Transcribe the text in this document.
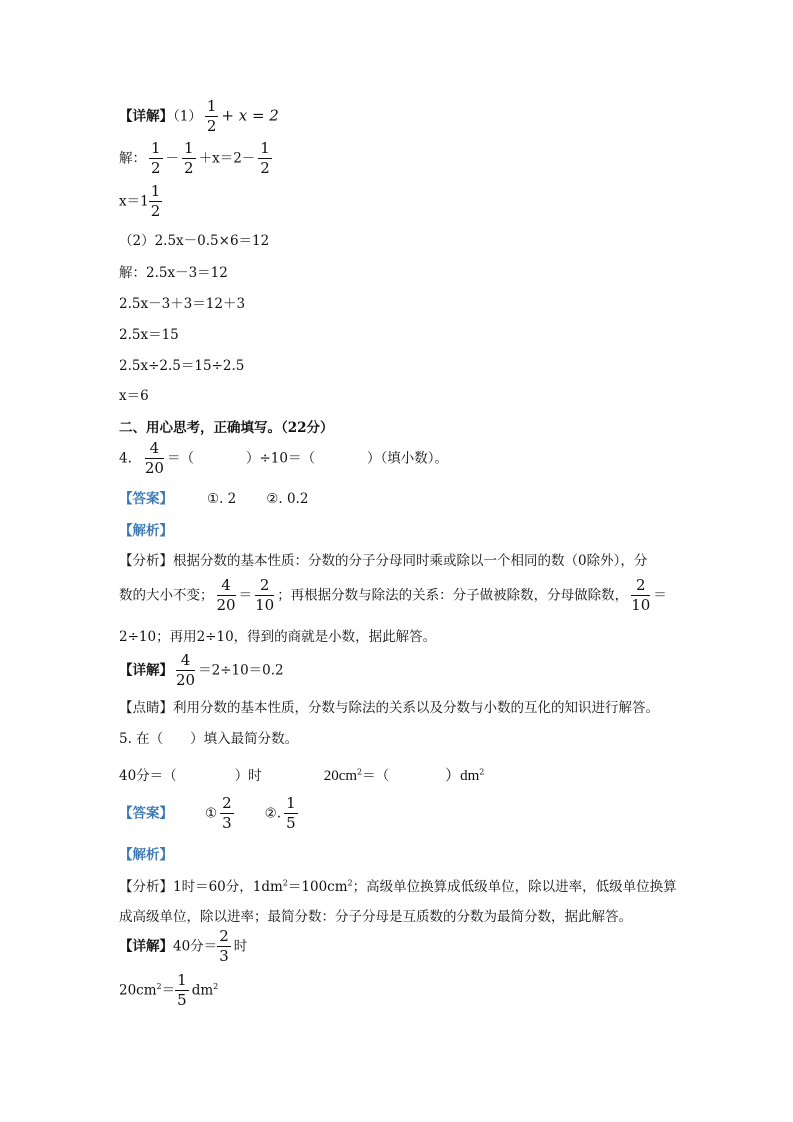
【详解】$(1) \frac{1}{2} + x = 2$
解： $\frac{1}{2} - \frac{1}{2} +x=2- \frac{1}{2}$
$x=1 \frac{1}{2}$
（2）2.5x－0.5×6＝12
解：2.5x－3＝12
2.5x－3＋3＝12＋3
2.5x＝15
2.5x÷2.5＝15÷2.5
x＝6
二、用心思考，正确填写。（22分）
4. $\frac{4}{20}$ ＝（	）÷10＝（	）（填小数）。
【答案】	①. 2 ②. 0.2
【解析】
【分析】根据分数的基本性质：分数的分子分母同时乘或除以一个相同的数（0除外），分
数的大小不变； $\frac{4}{20} = \frac{2}{10}$ ；再根据分数与除法的关系：分子做被除数，分母做除数， $\frac{2}{10}$ ＝
2÷10；再用2÷10，得到的商就是小数，据此解答。
【详解】 $\frac{4}{20} =2\div 10=0.2$
【点睛】利用分数的基本性质，分数与除法的关系以及分数与小数的互化的知识进行解答。
5. 在（　　）填入最简分数。
40分＝（	）时	$20cm^2=$（	）$dm^2$
【答案】 ① $\frac{2}{3}$ ②. $\frac{1}{5}$
【解析】
【分析】1时＝60分，$1dm^2=100cm^2$；高级单位换算成低级单位，除以进率，低级单位换算
成高级单位，除以进率；最简分数：分子分母是互质数的分数为最简分数，据此解答。
【详解】40分＝ $\frac{2}{3}$ 时
$20cm^2= \frac{1}{5} dm^2$
